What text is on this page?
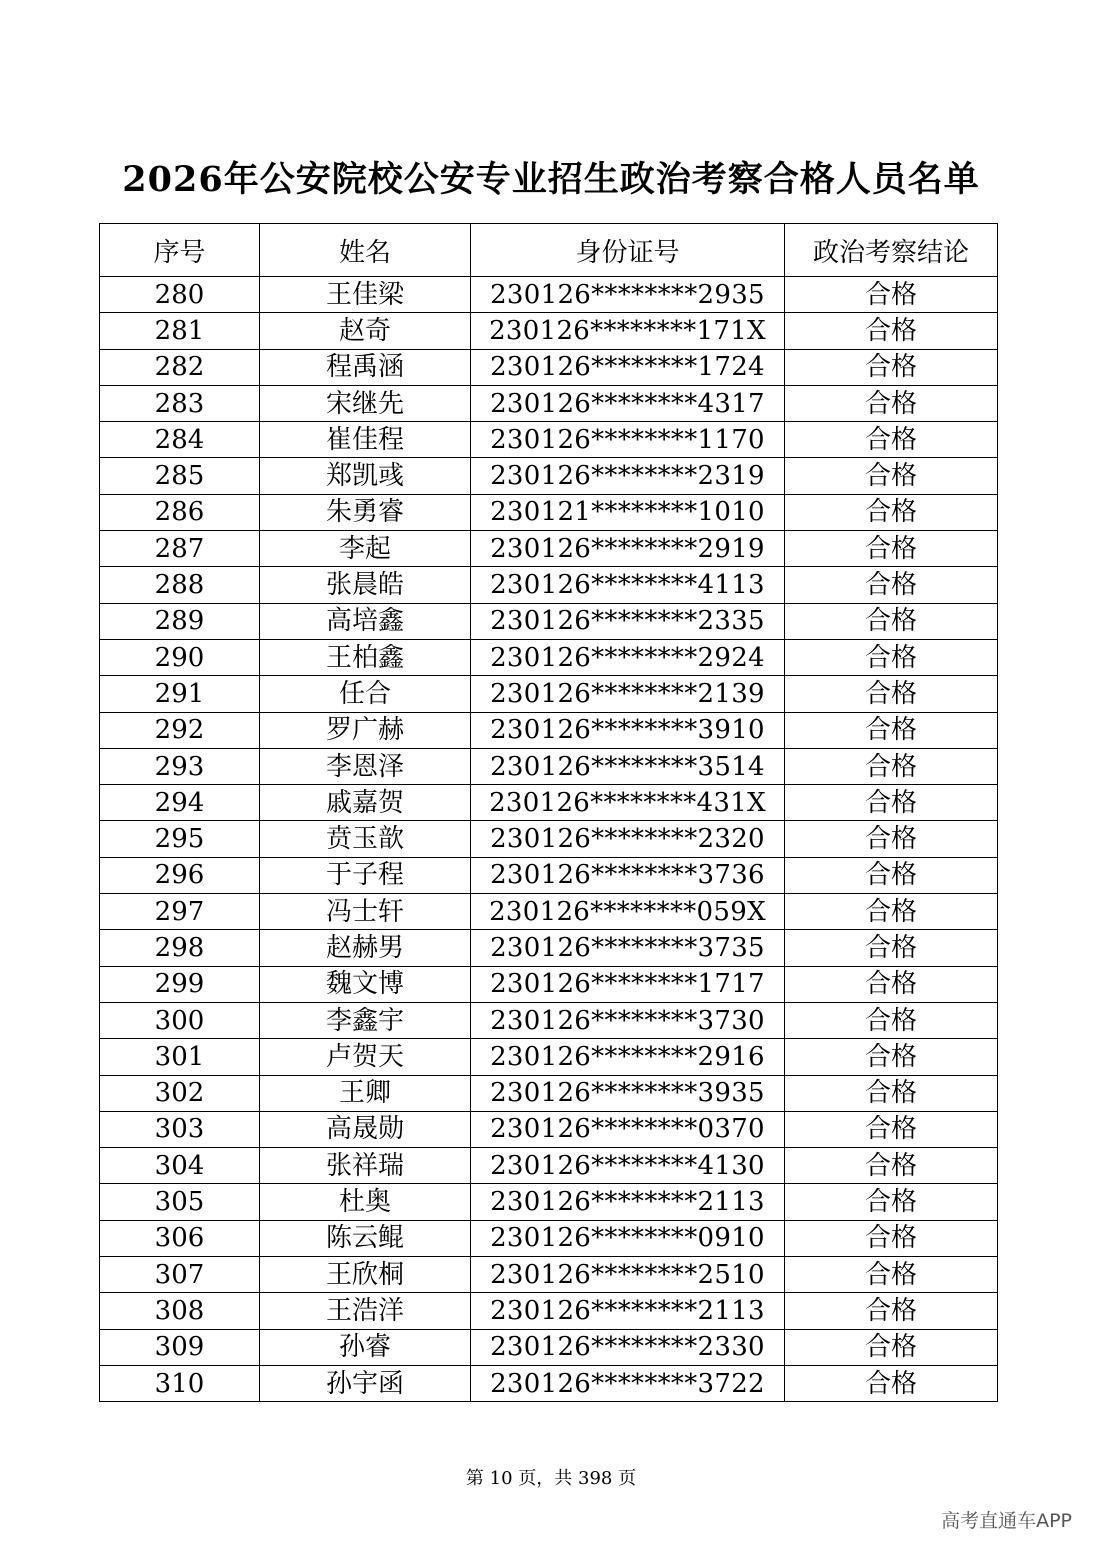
2026年公安院校公安专业招生政治考察合格人员名单
序号	姓名	身份证号	政治考察结论
280	王佳梁	230126********2935	合格
281	赵奇	230126********171X	合格
282	程禹涵	230126********1724	合格
283	宋继先	230126********4317	合格
284	崔佳程	230126********1170	合格
285	郑凯彧	230126********2319	合格
286	朱勇睿	230121********1010	合格
287	李起	230126********2919	合格
288	张晨皓	230126********4113	合格
289	高培鑫	230126********2335	合格
290	王柏鑫	230126********2924	合格
291	任合	230126********2139	合格
292	罗广赫	230126********3910	合格
293	李恩泽	230126********3514	合格
294	戚嘉贺	230126********431X	合格
295	贲玉歆	230126********2320	合格
296	于子程	230126********3736	合格
297	冯士轩	230126********059X	合格
298	赵赫男	230126********3735	合格
299	魏文博	230126********1717	合格
300	李鑫宇	230126********3730	合格
301	卢贺天	230126********2916	合格
302	王卿	230126********3935	合格
303	高晟勋	230126********0370	合格
304	张祥瑞	230126********4130	合格
305	杜奥	230126********2113	合格
306	陈云鲲	230126********0910	合格
307	王欣桐	230126********2510	合格
308	王浩洋	230126********2113	合格
309	孙睿	230126********2330	合格
310	孙宇函	230126********3722	合格
第 10 页，共 398 页
高考直通车APP
